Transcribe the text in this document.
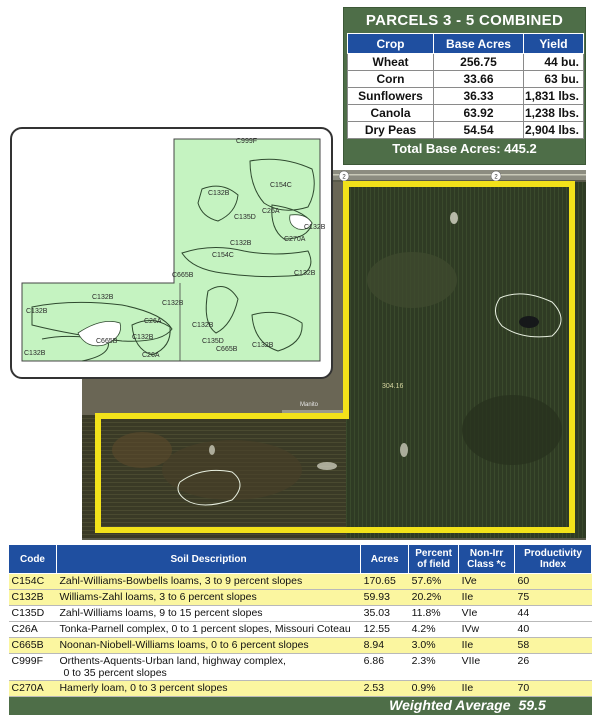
PARCELS 3 - 5 COMBINED
Crop	Base Acres	Yield
Wheat	256.75	44 bu.
Corn	33.66	63 bu.
Sunflowers	36.33	1,831 lbs.
Canola	63.92	1,238 lbs.
Dry Peas	54.54	2,904 lbs.
Total Base Acres: 445.2
2	2
Manito
304.16
C999F
C154C
C132B
C135D
C26A
C270A
C132B
C154C
C132B
C665B	C132B
C132B
C132B
C26A
C665B
C132B
C26A
C132B
C135D
C665B
C132B
C132B
C132B
Code	Soil Description	Acres	Percent of field	Non-Irr Class *c	Productivity Index
C154C	Zahl-Williams-Bowbells loams, 3 to 9 percent slopes	170.65	57.6%	IVe	60
C132B	Williams-Zahl loams, 3 to 6 percent slopes	59.93	20.2%	IIe	75
C135D	Zahl-Williams loams, 9 to 15 percent slopes	35.03	11.8%	VIe	44
C26A	Tonka-Parnell complex, 0 to 1 percent slopes, Missouri Coteau	12.55	4.2%	IVw	40
C665B	Noonan-Niobell-Williams loams, 0 to 6 percent slopes	8.94	3.0%	IIe	58
C999F	Orthents-Aquents-Urban land, highway complex,
0 to 35 percent slopes	6.86	2.3%	VIIe	26
C270A	Hamerly loam, 0 to 3 percent slopes	2.53	0.9%	IIe	70
Weighted Average					59.5
